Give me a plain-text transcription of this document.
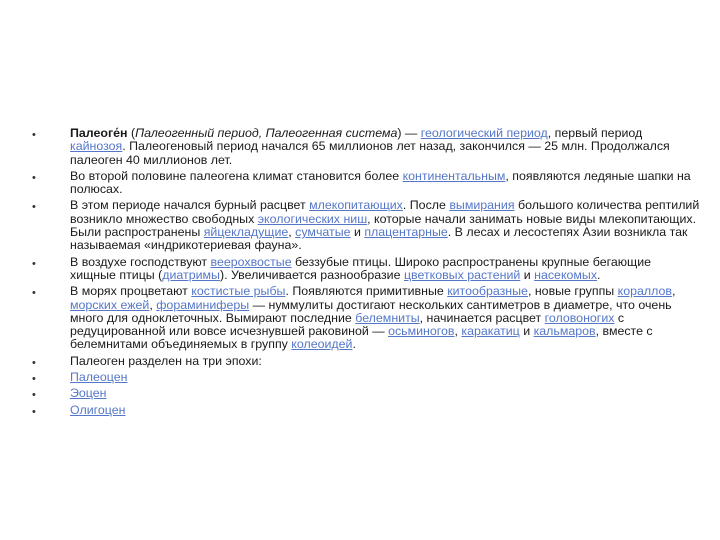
•	Палеоге́н (Палеогенный период, Палеогенная система) — геологический период, первый период кайнозоя. Палеогеновый период начался 65 миллионов лет назад, закончился — 25 млн. Продолжался палеоген 40 миллионов лет.
•	Во второй половине палеогена климат становится более континентальным, появляются ледяные шапки на полюсах.
•	В этом периоде начался бурный расцвет млекопитающих. После вымирания большого количества рептилий возникло множество свободных экологических ниш, которые начали занимать новые виды млекопитающих. Были распространены яйцекладущие, сумчатые и плацентарные. В лесах и лесостепях Азии возникла так называемая «индрикотериевая фауна».
•	В воздухе господствуют веерохвостые беззубые птицы. Широко распространены крупные бегающие хищные птицы (диатримы). Увеличивается разнообразие цветковых растений и насекомых.
•	В морях процветают костистые рыбы. Появляются примитивные китообразные, новые группы кораллов, морских ежей, фораминиферы — нуммулиты достигают нескольких сантиметров в диаметре, что очень много для одноклеточных. Вымирают последние белемниты, начинается расцвет головоногих с редуцированной или вовсе исчезнувшей раковиной — осьминогов, каракатиц и кальмаров, вместе с белемнитами объединяемых в группу колеоидей.
•	Палеоген разделен на три эпохи:
•	Палеоцен
•	Эоцен
•	Олигоцен
